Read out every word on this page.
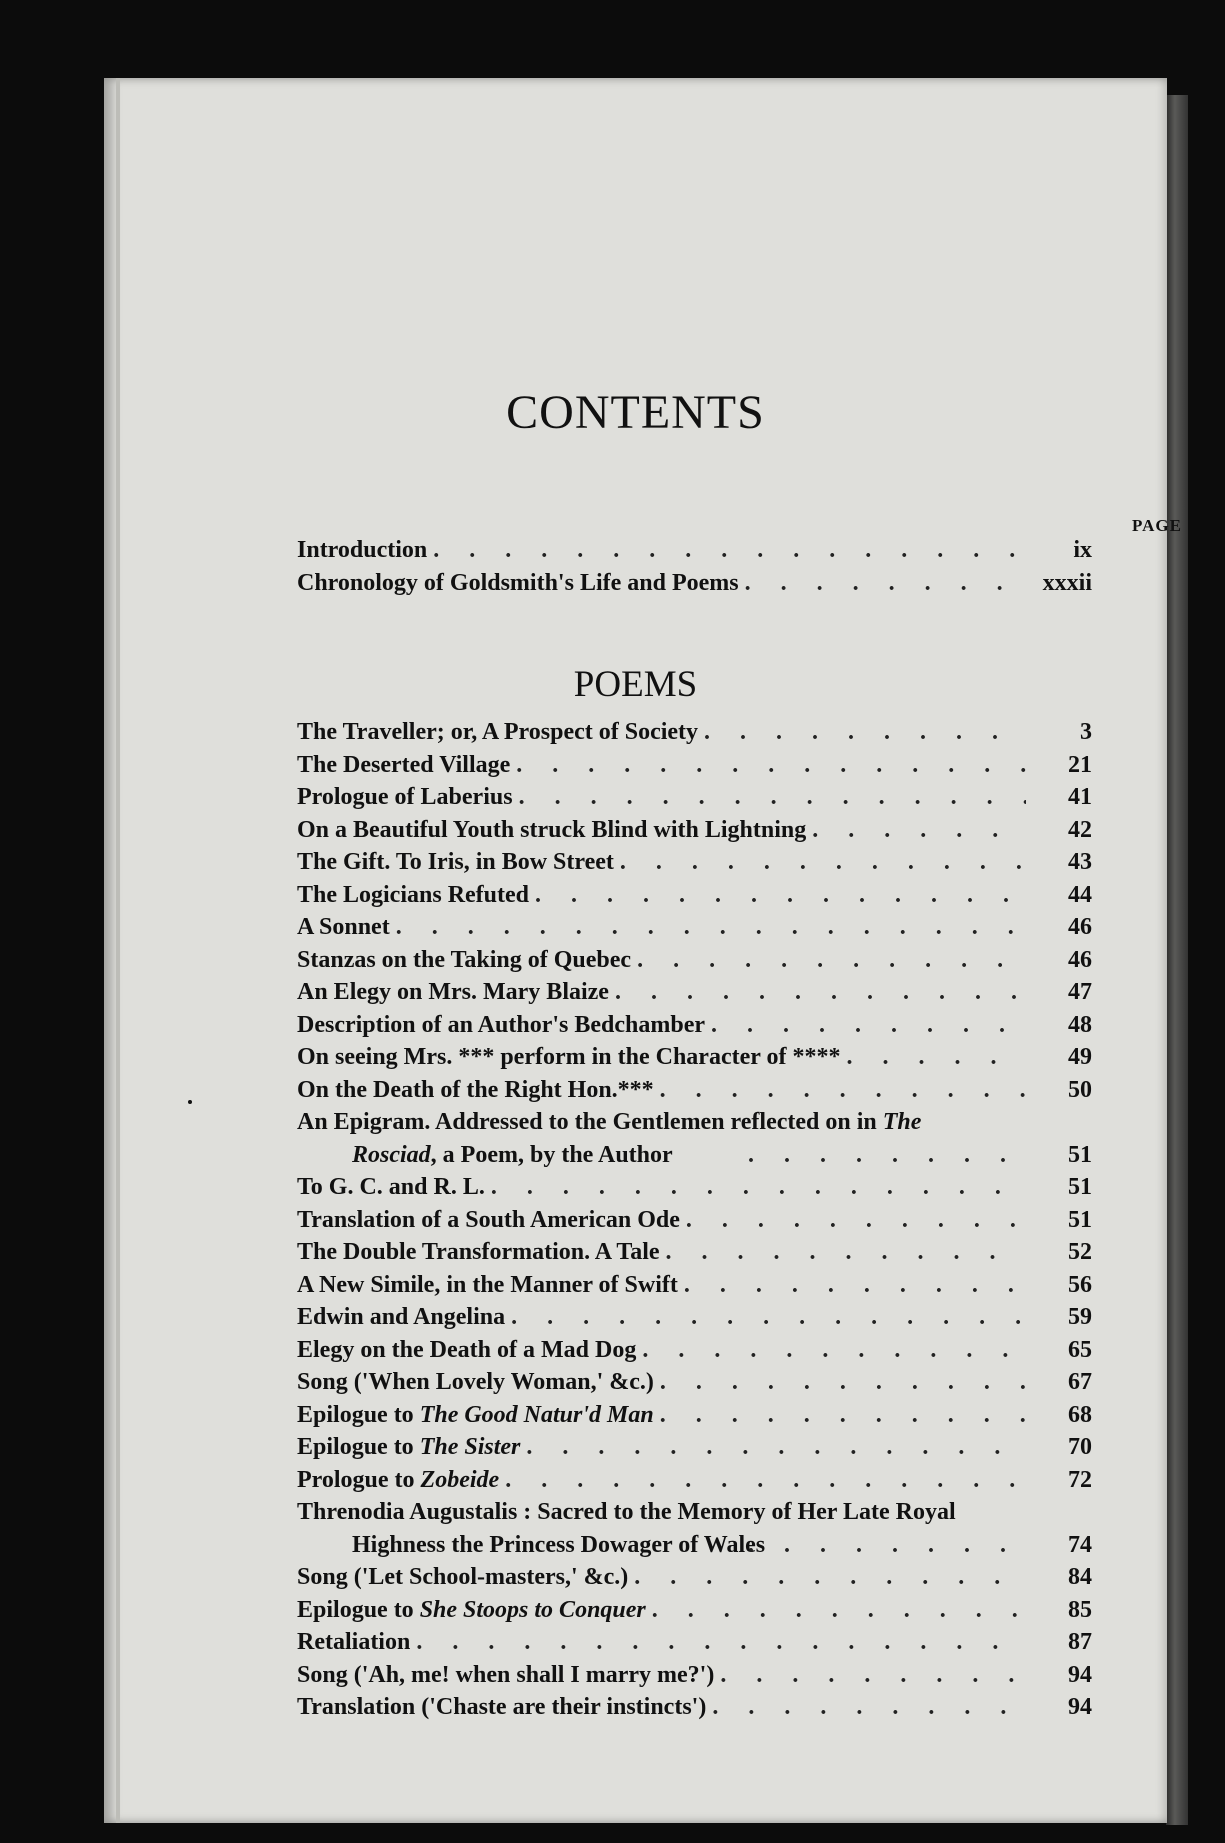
CONTENTS
PAGE
Introduction . . .	ix
Chronology of Goldsmith's Life and Poems . . .	xxxii
POEMS
The Traveller; or, A Prospect of Society . . .	3
The Deserted Village . . .	21
Prologue of Laberius . . .	41
On a Beautiful Youth struck Blind with Lightning . . .	42
The Gift. To Iris, in Bow Street . . .	43
The Logicians Refuted . . .	44
A Sonnet . . .	46
Stanzas on the Taking of Quebec . . .	46
An Elegy on Mrs. Mary Blaize . . .	47
Description of an Author's Bedchamber . . .	48
On seeing Mrs. *** perform in the Character of **** . . .	49
On the Death of the Right Hon.*** . . .	50
An Epigram. Addressed to the Gentlemen reflected on in The
Rosciad, a Poem, by the Author . . .	51
To G. C. and R. L. . . .	51
Translation of a South American Ode . . .	51
The Double Transformation. A Tale . . .	52
A New Simile, in the Manner of Swift . . .	56
Edwin and Angelina . . .	59
Elegy on the Death of a Mad Dog . . .	65
Song ('When Lovely Woman,' &c.) . . .	67
Epilogue to The Good Natur'd Man . . .	68
Epilogue to The Sister . . .	70
Prologue to Zobeide . . .	72
Threnodia Augustalis : Sacred to the Memory of Her Late Royal
Highness the Princess Dowager of Wales . . .	74
Song ('Let School-masters,' &c.) . . .	84
Epilogue to She Stoops to Conquer . . .	85
Retaliation . . .	87
Song ('Ah, me! when shall I marry me?') . . .	94
Translation ('Chaste are their instincts') . . .	94
